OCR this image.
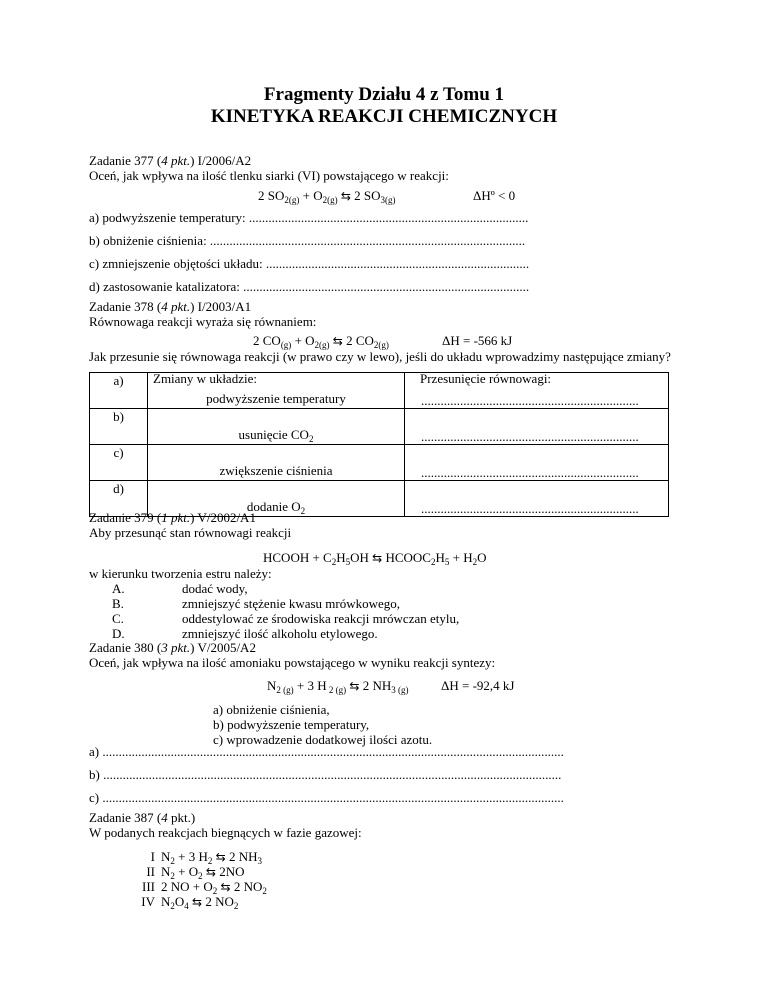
Fragmenty Działu 4 z Tomu 1
KINETYKA REAKCJI CHEMICZNYCH
Zadanie 377 (4 pkt.) I/2006/A2
Oceń, jak wpływa na ilość tlenku siarki (VI) powstającego w reakcji:
2 $SO_{2(g)} + O_{2(g)}$ ⇆ 2 $SO_{3(g)}$	ΔHº < 0
a) podwyższenie temperatury: ......................................................................................
b) obniżenie ciśnienia: .................................................................................................
c) zmniejszenie objętości układu: .................................................................................
d) zastosowanie katalizatora: ........................................................................................
Zadanie 378 (4 pkt.) I/2003/A1
Równowaga reakcji wyraża się równaniem:
2 $CO_{(g)} + O_{2(g)}$ ⇆ 2 $CO_{2(g)}$	ΔH = -566 kJ
Jak przesunie się równowaga reakcji (w prawo czy w lewo), jeśli do układu wprowadzimy następujące zmiany?
Zmiany w układzie:	Przesunięcie równowagi:
a)	podwyższenie temperatury	...................................................................

b)	usunięcie $CO_2$	...................................................................

c)	zwiększenie ciśnienia	...................................................................

d)	dodanie $O_2$	...................................................................
Zadanie 379 (1 pkt.) V/2002/A1
Aby przesunąć stan równowagi reakcji
HCOOH + $C_2H_5OH$ ⇆ $HCOOC_2H_5 + H_2O$
w kierunku tworzenia estru należy:
A.	dodać wody,
B.	zmniejszyć stężenie kwasu mrówkowego,
C.	oddestylować ze środowiska reakcji mrówczan etylu,
D.	zmniejszyć ilość alkoholu etylowego.
Zadanie 380 (3 pkt.) V/2005/A2
Oceń, jak wpływa na ilość amoniaku powstającego w wyniku reakcji syntezy:
$N_{2 (g)} + 3$ H $_{2 (g)}$ ⇆ 2 $NH_{3 (g)}$	ΔH = -92,4 kJ
a) obniżenie ciśnienia,
b) podwyższenie temperatury,
c) wprowadzenie dodatkowej ilości azotu.
a) ..............................................................................................................................................
b) .............................................................................................................................................
c) ..............................................................................................................................................
Zadanie 387 (4 pkt.)
W podanych reakcjach biegnących w fazie gazowej:
I $N_2 + 3$ $H_2$ ⇆ 2 $NH_3$
II $N_2 + O_2$ ⇆ 2NO
III 2 NO + $O_2$ ⇆ 2 $NO_2$
IV $N_2O_4$ ⇆ 2 $NO_2$
